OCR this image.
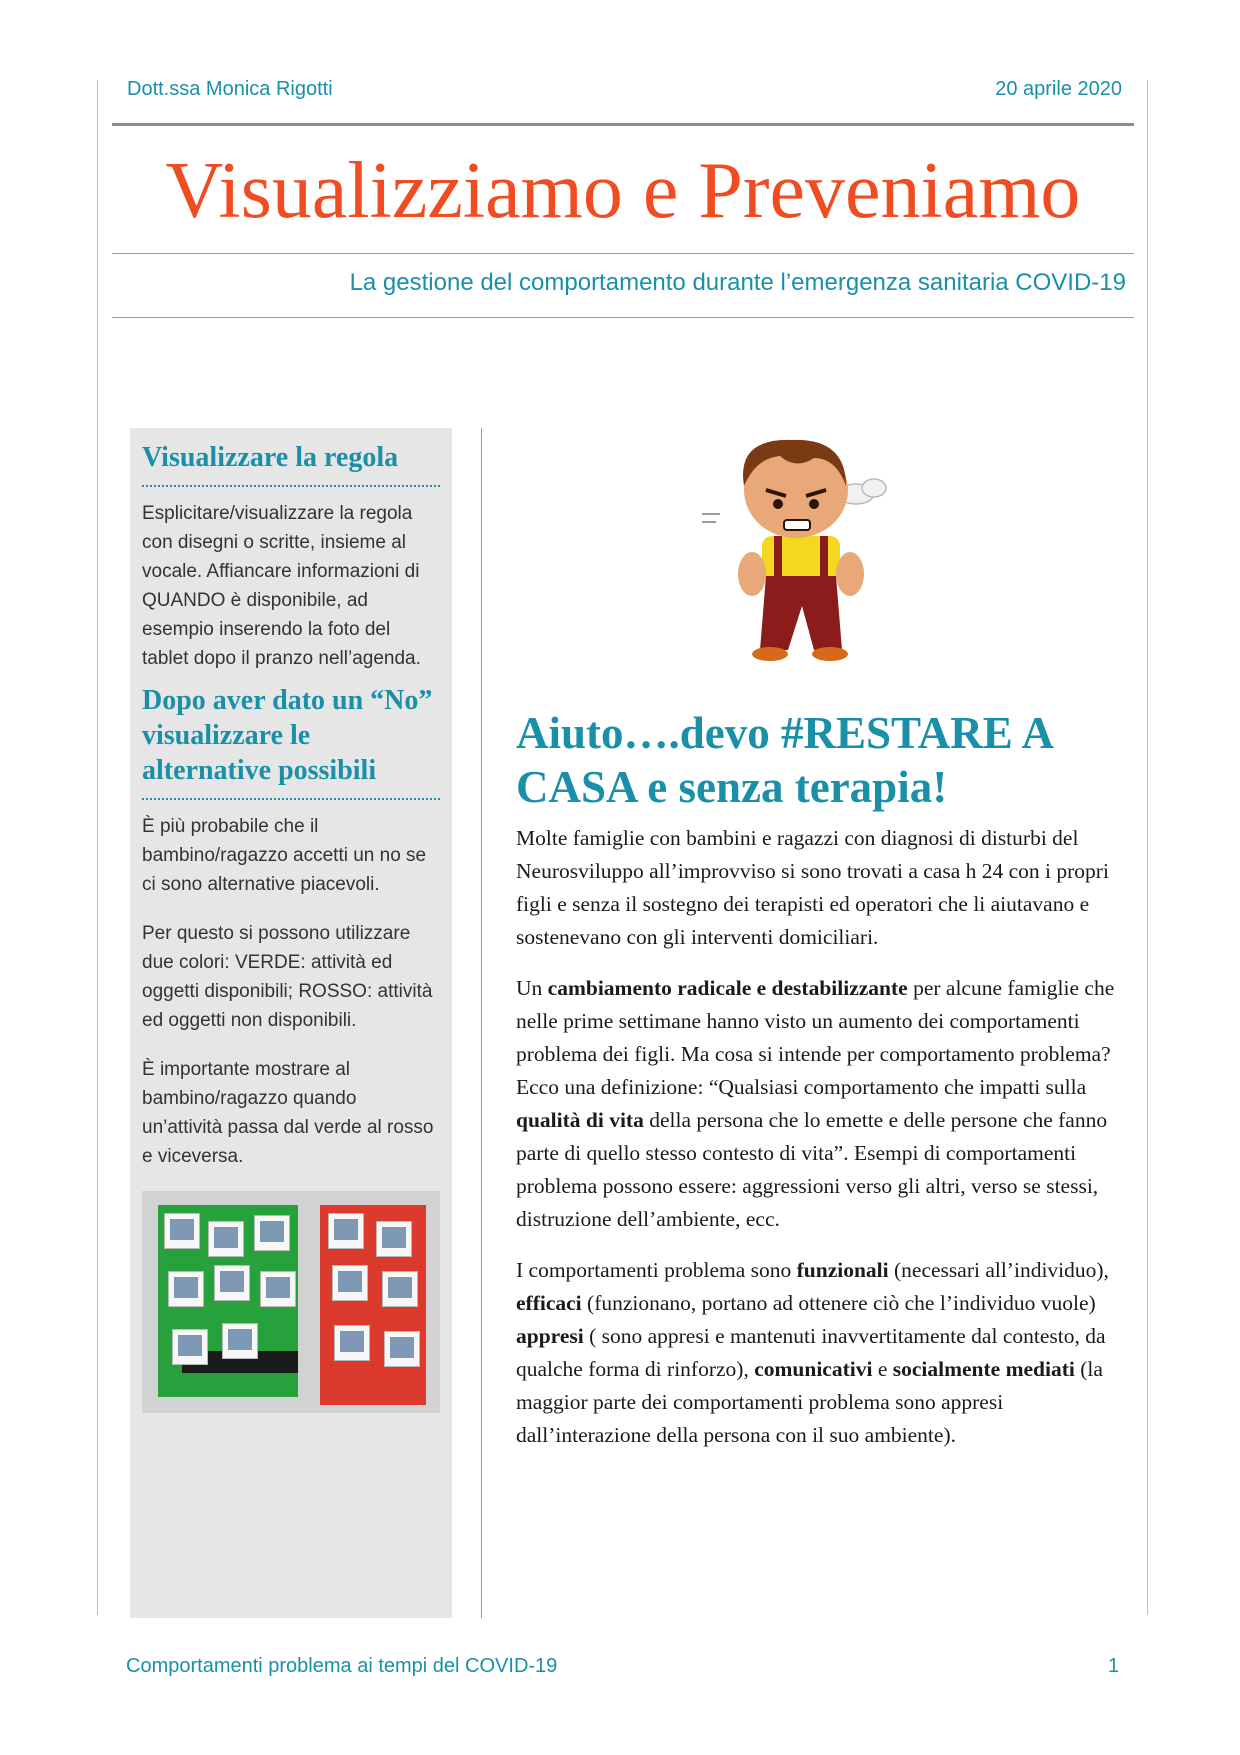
Dott.ssa Monica Rigotti	20 aprile 2020
Visualizziamo e Preveniamo
La gestione del comportamento durante l’emergenza sanitaria COVID-19
Visualizzare la regola

Esplicitare/visualizzare la regola con disegni o scritte, insieme al vocale. Affiancare informazioni di QUANDO è disponibile, ad esempio inserendo la foto del tablet dopo il pranzo nell’agenda.

Dopo aver dato un “No” visualizzare le alternative possibili

È più probabile che il bambino/ragazzo accetti un no se ci sono alternative piacevoli.

Per questo si possono utilizzare due colori: VERDE: attività ed oggetti disponibili; ROSSO: attività ed oggetti non disponibili.

È importante mostrare al bambino/ragazzo quando un’attività passa dal verde al rosso e viceversa.

Aiuto….devo #RESTARE A CASA e senza terapia!

Molte famiglie con bambini e ragazzi con diagnosi di disturbi del Neurosviluppo all’improvviso si sono trovati a casa h 24 con i propri figli e senza il sostegno dei terapisti ed operatori che li aiutavano e sostenevano con gli interventi domiciliari.

Un cambiamento radicale e destabilizzante per alcune famiglie che nelle prime settimane hanno visto un aumento dei comportamenti problema dei figli. Ma cosa si intende per comportamento problema? Ecco una definizione: “Qualsiasi comportamento che impatti sulla qualità di vita della persona che lo emette e delle persone che fanno parte di quello stesso contesto di vita”. Esempi di comportamenti problema possono essere: aggressioni verso gli altri, verso se stessi, distruzione dell’ambiente, ecc.

I comportamenti problema sono funzionali (necessari all’individuo), efficaci (funzionano, portano ad ottenere ciò che l’individuo vuole) appresi ( sono appresi e mantenuti inavvertitamente dal contesto, da qualche forma di rinforzo), comunicativi e socialmente mediati (la maggior parte dei comportamenti problema sono appresi dall’interazione della persona con il suo ambiente).

Comportamenti problema ai tempi del COVID-19	1
